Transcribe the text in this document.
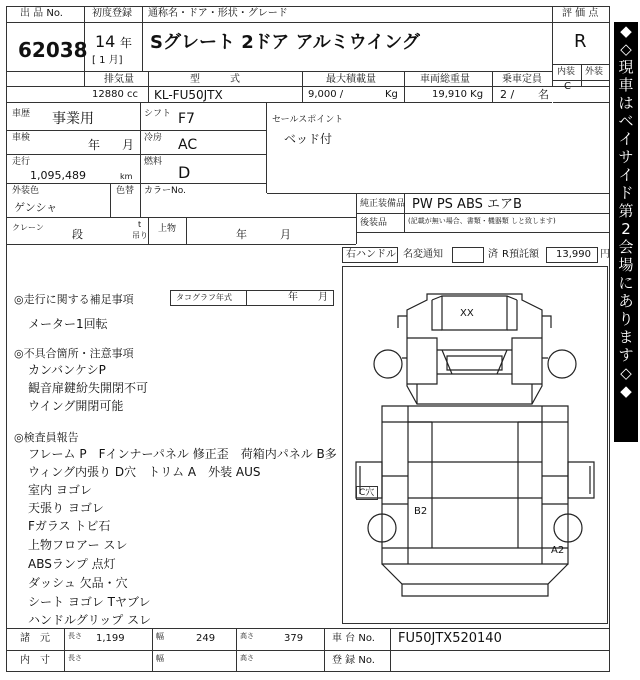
出 品 No.
62038
初度登録
14 年
[ 1 月]
通称名・ドア・形状・グレード
Sグレート 2ドア アルミウイング
評 価 点
R
内装 外装
C
排気量
12880 cc
型　　　式
KL-FU50JTX
最大積載量
9,000 /	Kg
車両総重量
19,910 Kg
乗車定員
2 / 名
車歴 事業用	シフト F7
車検	年 月 冷房 AC
走行
1,095,489	km
燃料
D
外装色
ゲンシャ
色替 カラーNo.
セールスポイント
ベッド付
純正装備品 PW PS ABS エアB
後装品	(記載が無い場合、書類・機器類 しと致します)
クレーン
段
t
吊り
上物	年	月
右ハンドル 名変通知	済 R預託額 13,990 円
◎走行に関する補足事項	タコグラフ年式	年 月
メーター1回転
◎不具合箇所・注意事項
カンバンケシP
観音扉鍵紛失開閉不可
ウイング開閉可能
◎検査員報告
フレーム P　Fインナーパネル 修正歪　荷箱内パネル B多
ウィング内張り D穴　トリム A　外装 AUS
室内 ヨゴレ
天張り ヨゴレ
Fガラス トビ石
上物フロアー スレ
ABSランプ 点灯
ダッシュ 欠品・穴
シート ヨゴレ Tヤブレ
ハンドルグリップ スレ
XX
C穴
B2
A2
諸　元	長さ 1,199	幅	249	高さ	379	車 台 No. FU50JTX520140
内　寸	長さ	幅	高さ	登 録 No.
◆
◇
現
車
は
ベ
イ
サ
イ
ド
第
2
会
場
に
あ
り
ま
す
◇
◆
